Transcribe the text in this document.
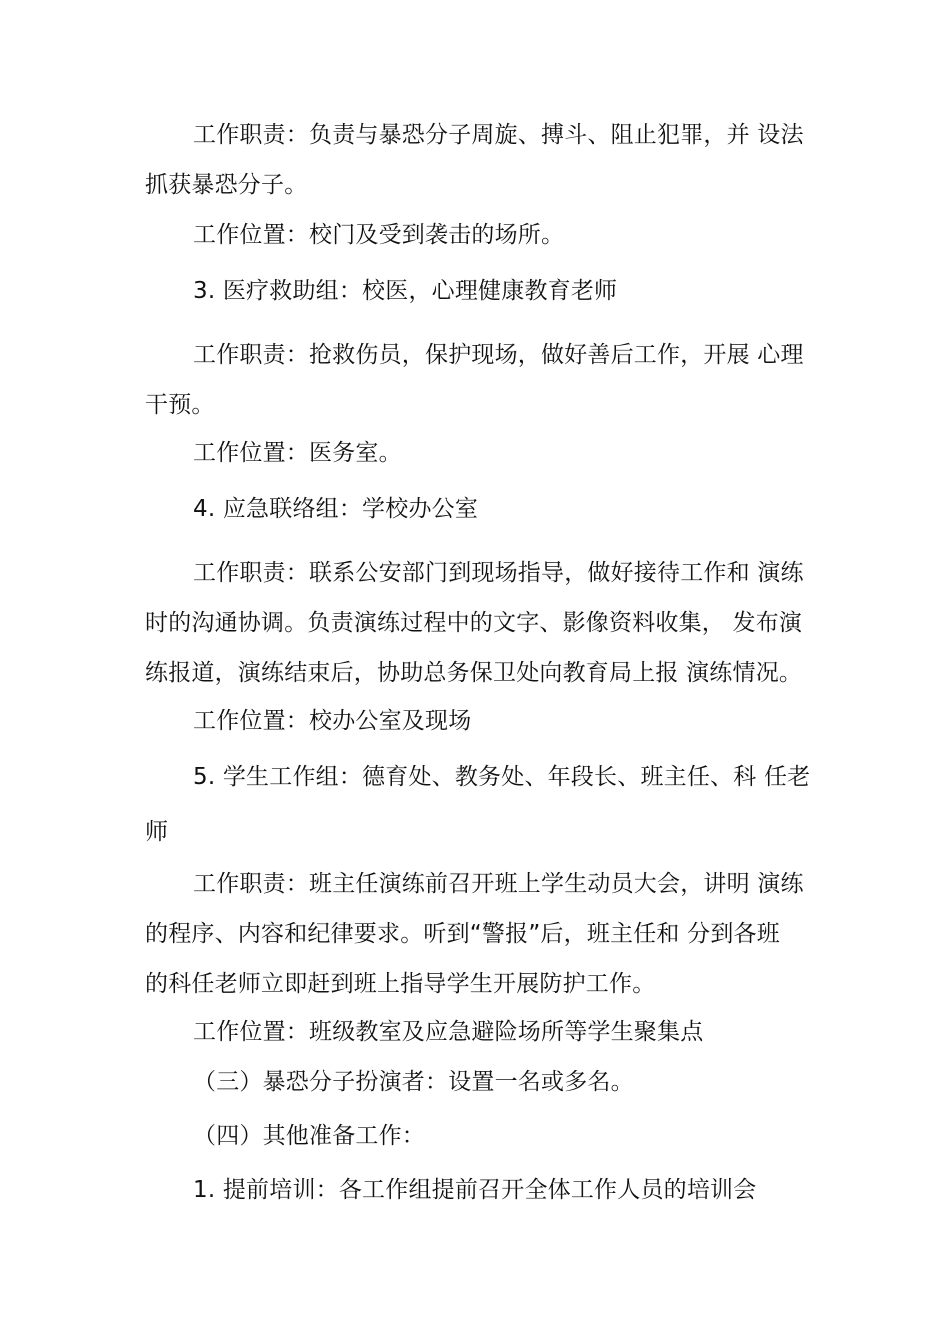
工作职责：负责与暴恐分子周旋、搏斗、阻止犯罪，并 设法

抓获暴恐分子。

工作位置：校门及受到袭击的场所。

3. 医疗救助组：校医，心理健康教育老师

工作职责：抢救伤员，保护现场，做好善后工作，开展 心理

干预。

工作位置：医务室。

4. 应急联络组：学校办公室

工作职责：联系公安部门到现场指导，做好接待工作和 演练

时的沟通协调。负责演练过程中的文字、影像资料收集， 发布演

练报道，演练结束后，协助总务保卫处向教育局上报 演练情况。

工作位置：校办公室及现场

5. 学生工作组：德育处、教务处、年段长、班主任、科 任老

师

工作职责：班主任演练前召开班上学生动员大会，讲明 演练

的程序、内容和纪律要求。听到“警报”后，班主任和 分到各班

的科任老师立即赶到班上指导学生开展防护工作。

工作位置：班级教室及应急避险场所等学生聚集点

（三）暴恐分子扮演者：设置一名或多名。

（四）其他准备工作：

1. 提前培训：各工作组提前召开全体工作人员的培训会
